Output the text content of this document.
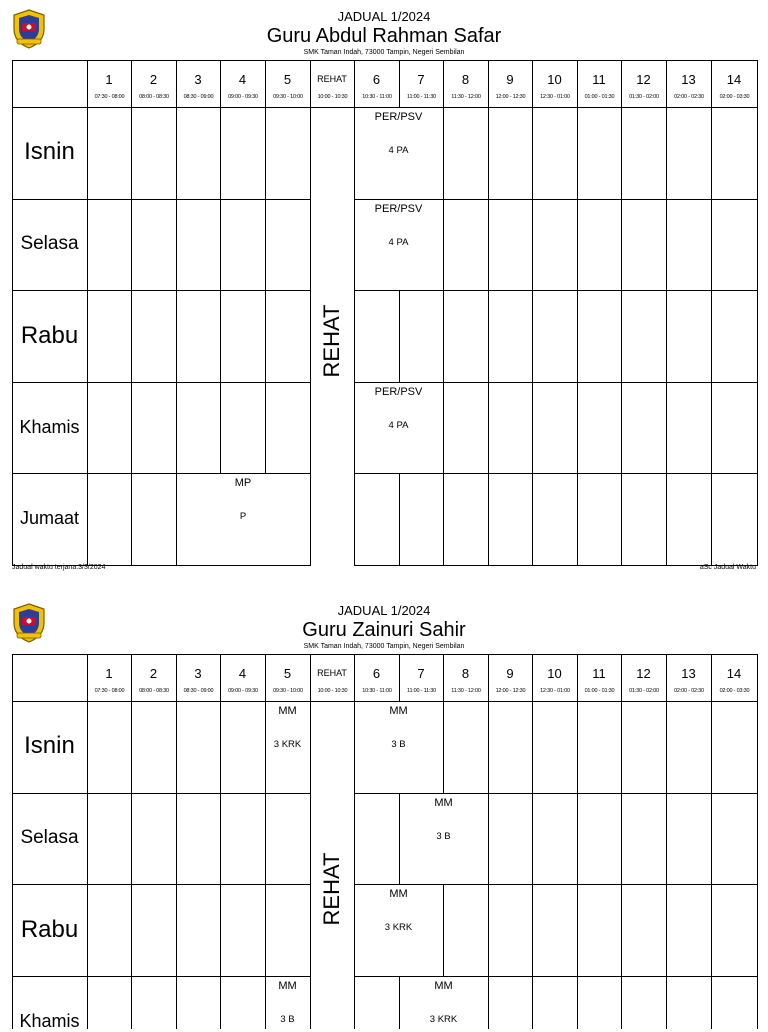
JADUAL 1/2024
Guru Abdul Rahman Safar
SMK Taman Indah, 73000 Tampin, Negeri Sembilan
1
07:30 - 08:00
2
08:00 - 08:30
3
08:30 - 09:00
4
09:00 - 09:30
5
09:30 - 10:00
REHAT
10:00 - 10:30
6
10:30 - 11:00
7
11:00 - 11:30
8
11:30 - 12:00
9
12:00 - 12:30
10
12:30 - 01:00
11
01:00 - 01:30
12
01:30 - 02:00
13
02:00 - 02:30
14
02:00 - 03:30
REHAT
Isnin
PER/PSV
4 PA
Selasa
PER/PSV
4 PA
Rabu
Khamis
PER/PSV
4 PA
Jumaat
MP
P
Jadual waktu terjana:3/3/2024	aSc Jadual Waktu
JADUAL 1/2024
Guru Zainuri Sahir
SMK Taman Indah, 73000 Tampin, Negeri Sembilan
1
07:30 - 08:00
2
08:00 - 08:30
3
08:30 - 09:00
4
09:00 - 09:30
5
09:30 - 10:00
REHAT
10:00 - 10:30
6
10:30 - 11:00
7
11:00 - 11:30
8
11:30 - 12:00
9
12:00 - 12:30
10
12:30 - 01:00
11
01:00 - 01:30
12
01:30 - 02:00
13
02:00 - 02:30
14
02:00 - 03:30
REHAT
Isnin
MM
3 KRK
MM
3 B
Selasa
MM
3 B
Rabu
MM
3 KRK
Khamis
MM
3 B
MM
3 KRK
